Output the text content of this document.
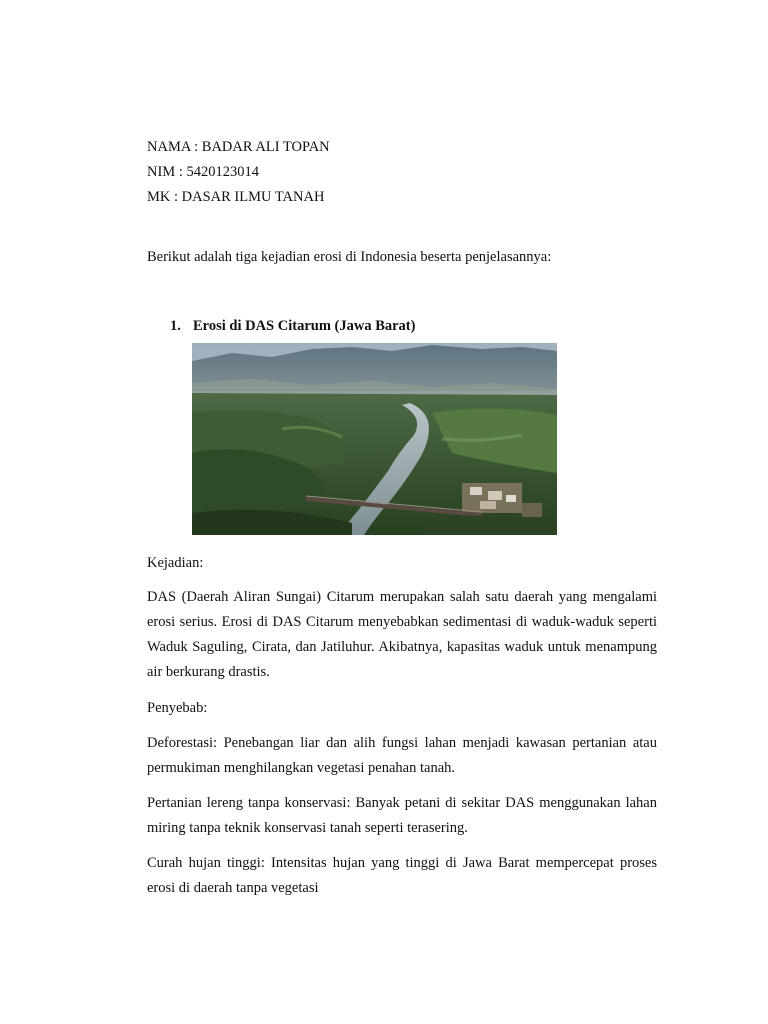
NAMA : BADAR ALI TOPAN
NIM : 5420123014
MK : DASAR ILMU TANAH
Berikut adalah tiga kejadian erosi di Indonesia beserta penjelasannya:
1. Erosi di DAS Citarum (Jawa Barat)
Kejadian:
DAS (Daerah Aliran Sungai) Citarum merupakan salah satu daerah yang mengalami erosi serius. Erosi di DAS Citarum menyebabkan sedimentasi di waduk-waduk seperti Waduk Saguling, Cirata, dan Jatiluhur. Akibatnya, kapasitas waduk untuk menampung air berkurang drastis.
Penyebab:
Deforestasi: Penebangan liar dan alih fungsi lahan menjadi kawasan pertanian atau permukiman menghilangkan vegetasi penahan tanah.
Pertanian lereng tanpa konservasi: Banyak petani di sekitar DAS menggunakan lahan miring tanpa teknik konservasi tanah seperti terasering.
Curah hujan tinggi: Intensitas hujan yang tinggi di Jawa Barat mempercepat proses erosi di daerah tanpa vegetasi
